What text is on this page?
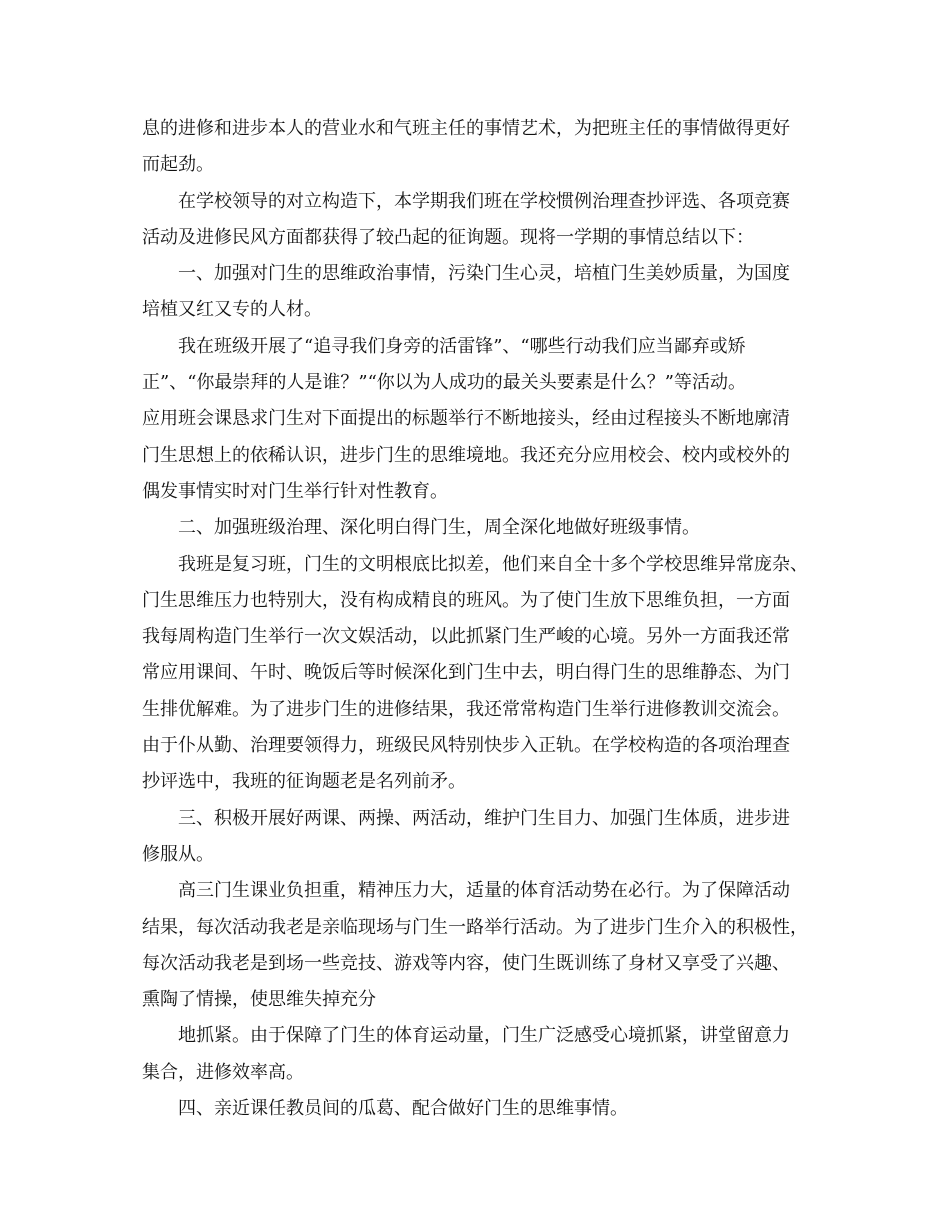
息的进修和进步本人的营业水和气班主任的事情艺术，为把班主任的事情做得更好
而起劲。

在学校领导的对立构造下，本学期我们班在学校惯例治理查抄评选、各项竞赛
活动及进修民风方面都获得了较凸起的征询题。现将一学期的事情总结以下：

一、加强对门生的思维政治事情，污染门生心灵，培植门生美妙质量，为国度
培植又红又专的人材。

我在班级开展了“追寻我们身旁的活雷锋”、“哪些行动我们应当鄙弃或矫
正”、“你最崇拜的人是谁？”“你以为人成功的最关头要素是什么？”等活动。
应用班会课恳求门生对下面提出的标题举行不断地接头，经由过程接头不断地廓清
门生思想上的依稀认识，进步门生的思维境地。我还充分应用校会、校内或校外的
偶发事情实时对门生举行针对性教育。

二、加强班级治理、深化明白得门生，周全深化地做好班级事情。

我班是复习班，门生的文明根底比拟差，他们来自全十多个学校思维异常庞杂、
门生思维压力也特别大，没有构成精良的班风。为了使门生放下思维负担，一方面
我每周构造门生举行一次文娱活动，以此抓紧门生严峻的心境。另外一方面我还常
常应用课间、午时、晚饭后等时候深化到门生中去，明白得门生的思维静态、为门
生排优解难。为了进步门生的进修结果，我还常常构造门生举行进修教训交流会。
由于仆从勤、治理要领得力，班级民风特别快步入正轨。在学校构造的各项治理查
抄评选中，我班的征询题老是名列前矛。

三、积极开展好两课、两操、两活动，维护门生目力、加强门生体质，进步进
修服从。

高三门生课业负担重，精神压力大，适量的体育活动势在必行。为了保障活动
结果，每次活动我老是亲临现场与门生一路举行活动。为了进步门生介入的积极性，
每次活动我老是到场一些竞技、游戏等内容，使门生既训练了身材又享受了兴趣、
熏陶了情操，使思维失掉充分

地抓紧。由于保障了门生的体育运动量，门生广泛感受心境抓紧，讲堂留意力
集合，进修效率高。

四、亲近课任教员间的瓜葛、配合做好门生的思维事情。
